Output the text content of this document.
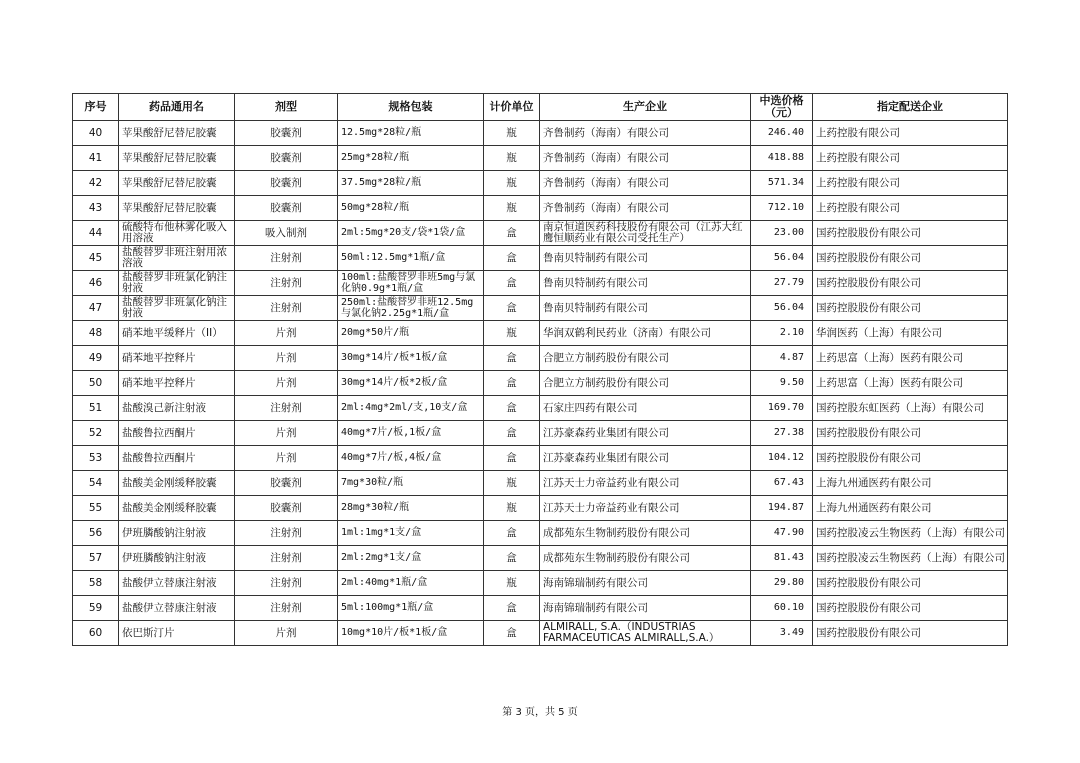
序号	药品通用名	剂型	规格包装	计价单位	生产企业	中选价格（元）	指定配送企业
40	苹果酸舒尼替尼胶囊	胶囊剂	12.5mg*28粒/瓶	瓶	齐鲁制药（海南）有限公司	246.40	上药控股有限公司
41	苹果酸舒尼替尼胶囊	胶囊剂	25mg*28粒/瓶	瓶	齐鲁制药（海南）有限公司	418.88	上药控股有限公司
42	苹果酸舒尼替尼胶囊	胶囊剂	37.5mg*28粒/瓶	瓶	齐鲁制药（海南）有限公司	571.34	上药控股有限公司
43	苹果酸舒尼替尼胶囊	胶囊剂	50mg*28粒/瓶	瓶	齐鲁制药（海南）有限公司	712.10	上药控股有限公司
44	硫酸特布他林雾化吸入用溶液	吸入制剂	2ml:5mg*20支/袋*1袋/盒	盒	南京恒道医药科技股份有限公司（江苏大红鹰恒顺药业有限公司受托生产）	23.00	国药控股股份有限公司
45	盐酸替罗非班注射用浓溶液	注射剂	50ml:12.5mg*1瓶/盒	盒	鲁南贝特制药有限公司	56.04	国药控股股份有限公司
46	盐酸替罗非班氯化钠注射液	注射剂	100ml:盐酸替罗非班5mg与氯化钠0.9g*1瓶/盒	盒	鲁南贝特制药有限公司	27.79	国药控股股份有限公司
47	盐酸替罗非班氯化钠注射液	注射剂	250ml:盐酸替罗非班12.5mg与氯化钠2.25g*1瓶/盒	盒	鲁南贝特制药有限公司	56.04	国药控股股份有限公司
48	硝苯地平缓释片（II）	片剂	20mg*50片/瓶	瓶	华润双鹤利民药业（济南）有限公司	2.10	华润医药（上海）有限公司
49	硝苯地平控释片	片剂	30mg*14片/板*1板/盒	盒	合肥立方制药股份有限公司	4.87	上药思富（上海）医药有限公司
50	硝苯地平控释片	片剂	30mg*14片/板*2板/盒	盒	合肥立方制药股份有限公司	9.50	上药思富（上海）医药有限公司
51	盐酸溴己新注射液	注射剂	2ml:4mg*2ml/支,10支/盒	盒	石家庄四药有限公司	169.70	国药控股东虹医药（上海）有限公司
52	盐酸鲁拉西酮片	片剂	40mg*7片/板,1板/盒	盒	江苏豪森药业集团有限公司	27.38	国药控股股份有限公司
53	盐酸鲁拉西酮片	片剂	40mg*7片/板,4板/盒	盒	江苏豪森药业集团有限公司	104.12	国药控股股份有限公司
54	盐酸美金刚缓释胶囊	胶囊剂	7mg*30粒/瓶	瓶	江苏天士力帝益药业有限公司	67.43	上海九州通医药有限公司
55	盐酸美金刚缓释胶囊	胶囊剂	28mg*30粒/瓶	瓶	江苏天士力帝益药业有限公司	194.87	上海九州通医药有限公司
56	伊班膦酸钠注射液	注射剂	1ml:1mg*1支/盒	盒	成都苑东生物制药股份有限公司	47.90	国药控股凌云生物医药（上海）有限公司
57	伊班膦酸钠注射液	注射剂	2ml:2mg*1支/盒	盒	成都苑东生物制药股份有限公司	81.43	国药控股凌云生物医药（上海）有限公司
58	盐酸伊立替康注射液	注射剂	2ml:40mg*1瓶/盒	瓶	海南锦瑞制药有限公司	29.80	国药控股股份有限公司
59	盐酸伊立替康注射液	注射剂	5ml:100mg*1瓶/盒	盒	海南锦瑞制药有限公司	60.10	国药控股股份有限公司
60	依巴斯汀片	片剂	10mg*10片/板*1板/盒	盒	ALMIRALL, S.A.（INDUSTRIAS FARMACEUTICAS ALMIRALL,S.A.）	3.49	国药控股股份有限公司
第 3 页，共 5 页
